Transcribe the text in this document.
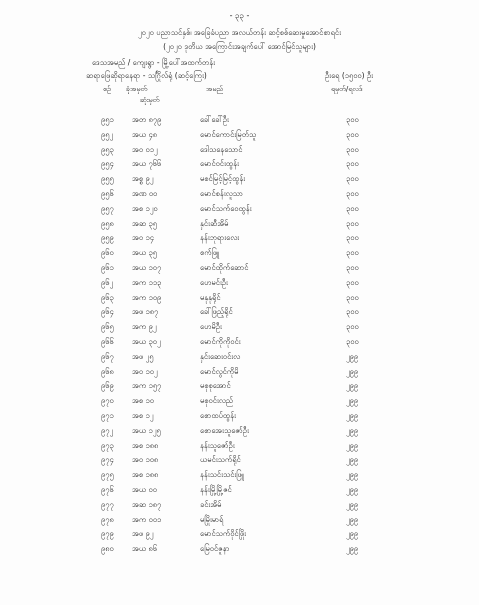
- ၃၃ -
၂၀၂၀ ပညာသင်နှစ်၊ အခြေခံပညာ အလယ်တန်း ဆင့်စစ်ဆေးမှုအောင်စာရင်း
(၂၀၂၀ ဒုတိယ အကြောင်းအချက်ပေါ် အောင်မြင်သူများ)
ဒေသအမည် / ကျေးရွာ - မြို့ပေါ်အထက်တန်း
ဆရာဖြေဆိုရာနေရာ - သင်္ဂြိုလ်ရုံ (ဆင့်ကြေး)	ဦးရေ (၁၅၀၀) ဦး
စဉ် ခုံအမှတ်
ဆုံးမှတ်
အမည်	ရမှတ်/ရလဒ်
၉၅၁ အတ ၈၇၉	ခေါ်ခေါ်ဦး	၃၀၀
၉၅၂	အယ ၄၈	မောင်ကောင်းမြတ်သူ	၃၀၀
၉၅၃ အဝ ၀၁၂	ဒေါသနေသောင်	၃၀၀
၉၅၄ အယ ၇၆၆	မောင်ဝင်းထွန်း	၃၀၀
၉၅၅ အစ္စ ၉၂	မစင်မြင့်မြင့်ထွန်း	၃၀၀
၉၅၆ အဏ ၀၀	မောင်စန်းလူသာ	၃၀၀
၉၅၇ အစ ၁၂၀	မောင်သက်ဝေထွန်း	၃၀၀
၉၅၈ အဆ ၃၅	နှင်းဆီအိမ်	၃၀၀
၉၅၉ အဝ ၁၄	နန်းဘုရားလေး	၃၀၀
၉၆၀ အယ ၃၅	စက်ဖြူ	၃၀၀
၉၆၁ အယ ၁၀၇	မောင်ထိုက်ဆောင်	၃၀၀
၉၆၂	အက ၁၁၃	ဟေမင်းဦး	၃၀၀
၉၆၃ အက ၁၀၉	မနုနုရိုင်	၃၀၀
၉၆၄ အဖ ၁၈၇	ခေါ်ဖြည့်ရိုင်	၃၀၀
၉၆၅ အက ၉၂	ဟေမိဦး	၃၀၀
၉၆၆ အယ ၃၀၂	မောင်ကိုကိုဝင်း	၃၀၀
၉၆၇ အဖ ၂၅	နှင်းဆေးဝင်းလ	၂၉၉
၉၆၈ အဝ ၁၀၂	မောင်လွင်ကိုမိ	၂၉၉
၉၆၉ အက ၁၅၇	မစုစုအောင်	၂၉၉
၉၇၀ အစ ၁၀	မစုဝင်းလည်	၂၉၉
၉၇၁ အစ ၁၂	စောထပ်ထွန်း	၂၉၉
၉၇၂	အယ ၁၂၅	စောအေးသူဇော်ဦး	၂၉၉
၉၇၃ အစ ၁၈၈	နန်းသူဇော်ဦး	၂၉၉
၉၇၄ အဝ ၁၀၈	ယမင်းသက်ရိုင်	၂၉၉
၉၇၅ အစ ၁၈၈	နန်းသင်းသင်းဖြူ	၂၉၉
၉၇၆ အယ ၀၀	နန်းမြို့မြို့ဇင်	၂၉၉
၉၇၇ အဆ ၁၈၇	ခင်းအိမ်	၂၉၉
၉၇၈ အက ၀၀၁	မမြိုးမာရ်	၂၉၉
၉၇၉ အဖ ၉၂	မောင်သက်ဝိုင်ဖြိုး	၂၉၉
၉၈၀ အယ ၈၆	မြေဝင်ဇူနာ	၂၉၉
